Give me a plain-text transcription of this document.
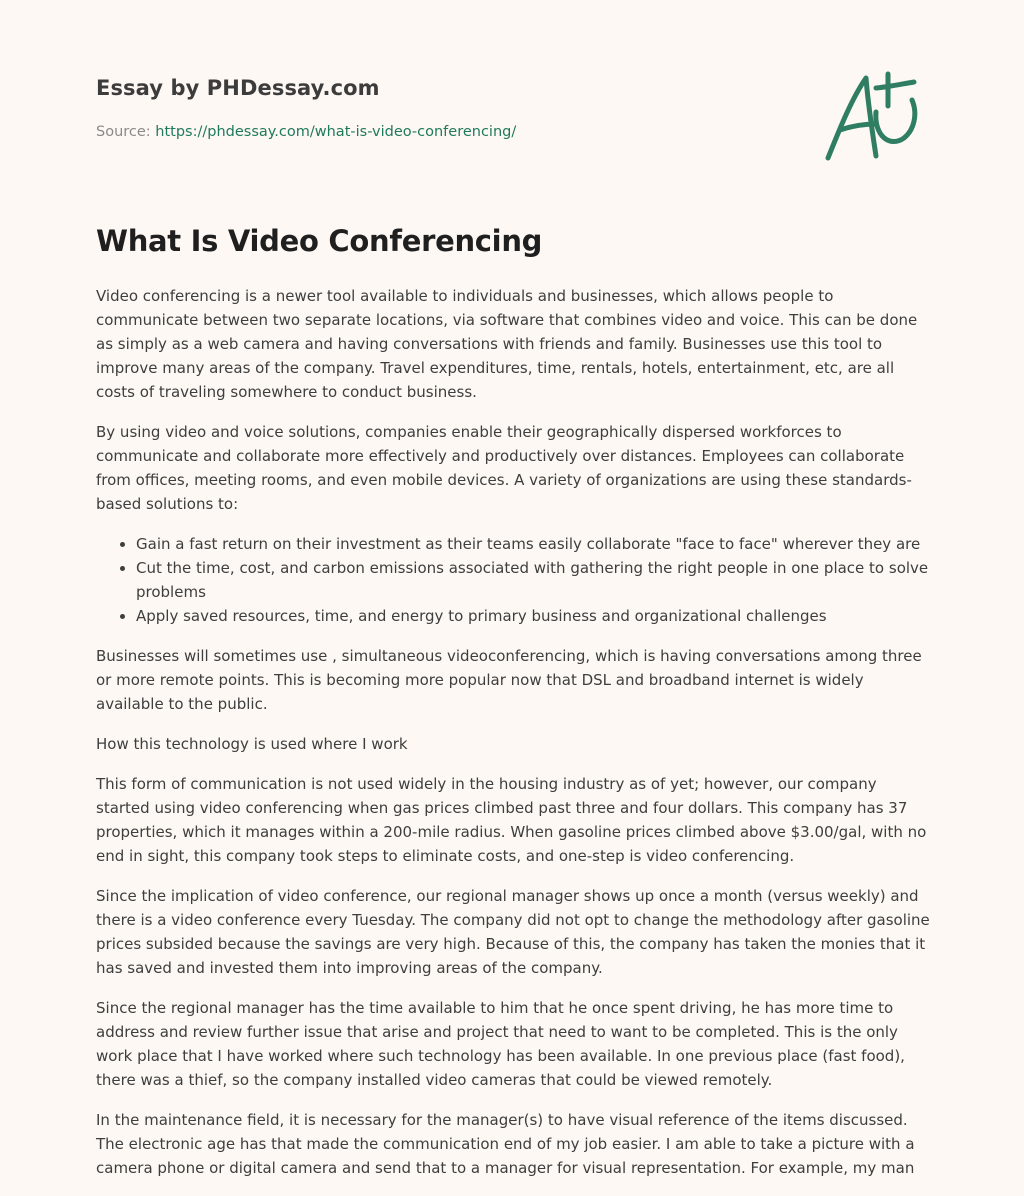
Essay by PHDessay.com
Source: https://phdessay.com/what-is-video-conferencing/
What Is Video Conferencing

Video conferencing is a newer tool available to individuals and businesses, which allows people to communicate between two separate locations, via software that combines video and voice. This can be done as simply as a web camera and having conversations with friends and family. Businesses use this tool to improve many areas of the company. Travel expenditures, time, rentals, hotels, entertainment, etc, are all costs of traveling somewhere to conduct business.

By using video and voice solutions, companies enable their geographically dispersed workforces to communicate and collaborate more effectively and productively over distances. Employees can collaborate from offices, meeting rooms, and even mobile devices. A variety of organizations are using these standards-based solutions to:

• Gain a fast return on their investment as their teams easily collaborate "face to face" wherever they are
• Cut the time, cost, and carbon emissions associated with gathering the right people in one place to solve problems
• Apply saved resources, time, and energy to primary business and organizational challenges

Businesses will sometimes use , simultaneous videoconferencing, which is having conversations among three or more remote points. This is becoming more popular now that DSL and broadband internet is widely available to the public.

How this technology is used where I work

This form of communication is not used widely in the housing industry as of yet; however, our company started using video conferencing when gas prices climbed past three and four dollars. This company has 37 properties, which it manages within a 200-mile radius. When gasoline prices climbed above $3.00/gal, with no end in sight, this company took steps to eliminate costs, and one-step is video conferencing.

Since the implication of video conference, our regional manager shows up once a month (versus weekly) and there is a video conference every Tuesday. The company did not opt to change the methodology after gasoline prices subsided because the savings are very high. Because of this, the company has taken the monies that it has saved and invested them into improving areas of the company.

Since the regional manager has the time available to him that he once spent driving, he has more time to address and review further issue that arise and project that need to want to be completed. This is the only work place that I have worked where such technology has been available. In one previous place (fast food), there was a thief, so the company installed video cameras that could be viewed remotely.

In the maintenance field, it is necessary for the manager(s) to have visual reference of the items discussed. The electronic age has that made the communication end of my job easier. I am able to take a picture with a camera phone or digital camera and send that to a manager for visual representation. For example, my man
